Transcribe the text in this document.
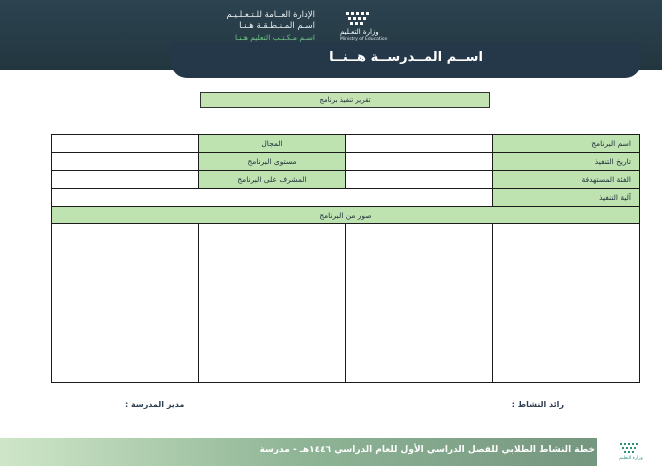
وزارة التعـليم
Ministry of Education
الإدارة العــامة للـتـعـلـيـم
اسـم المـنـطـقـة هـنـا
اسـم مـكـتـب التعليم هـنـا
اســم المــدرســة هــنــا
تقرير تنفيذ برنامج
اسم البرنامج		المجال	
تاريخ التنفيذ		مستوى البرنامج	
الفئة المستهدفة		المشرف على البرنامج	
آلية التنفيذ			
صور من البرنامج			

رائد النشاط :
مدير المدرسة :
خطة النشاط الطلابي للفصل الدراسي الأول للعام الدراسي ١٤٤٦هـ - مدرسة
وزارة التعليم
